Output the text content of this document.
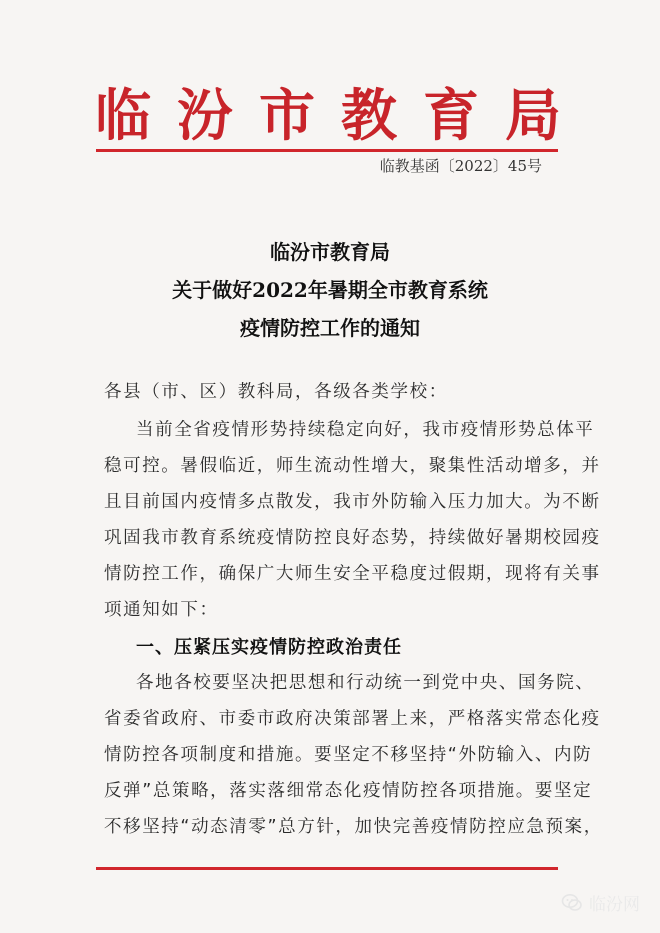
临汾市教育局
临教基函〔2022〕45号
临汾市教育局
关于做好2022年暑期全市教育系统
疫情防控工作的通知
各县（市、区）教科局，各级各类学校：
当前全省疫情形势持续稳定向好，我市疫情形势总体平
稳可控。暑假临近，师生流动性增大，聚集性活动增多，并
且目前国内疫情多点散发，我市外防输入压力加大。为不断
巩固我市教育系统疫情防控良好态势，持续做好暑期校园疫
情防控工作，确保广大师生安全平稳度过假期，现将有关事
项通知如下：
一、压紧压实疫情防控政治责任
各地各校要坚决把思想和行动统一到党中央、国务院、
省委省政府、市委市政府决策部署上来，严格落实常态化疫
情防控各项制度和措施。要坚定不移坚持“外防输入、内防
反弹”总策略，落实落细常态化疫情防控各项措施。要坚定
不移坚持“动态清零”总方针，加快完善疫情防控应急预案，
临汾网
